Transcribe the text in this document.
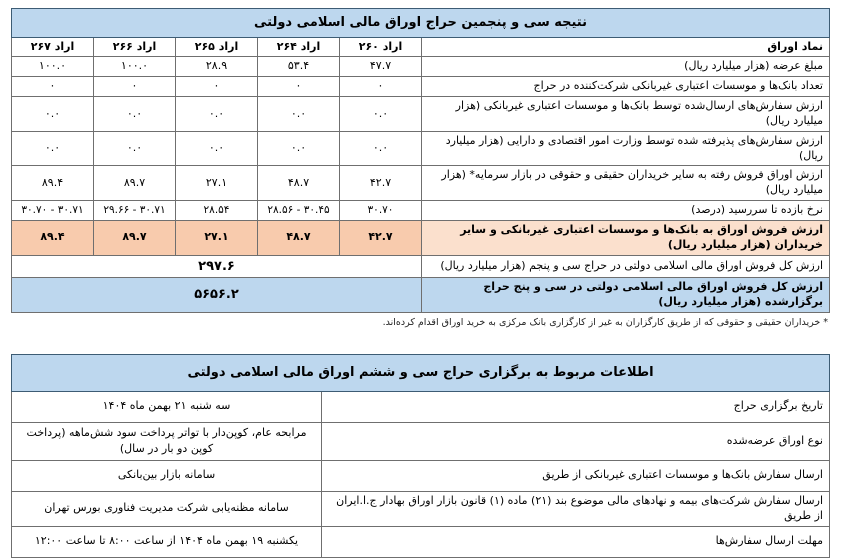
نتیجه سی و پنجمین حراج اوراق مالی اسلامی دولتی					
نماد اوراق	اراد ۲۶۰	اراد ۲۶۴	اراد ۲۶۵	اراد ۲۶۶	اراد ۲۶۷
مبلغ عرضه (هزار میلیارد ریال)	۴۷.۷	۵۳.۴	۲۸.۹	۱۰۰.۰	۱۰۰.۰
تعداد بانک‌ها و موسسات اعتباری غیربانکی شرکت‌کننده در حراج	۰	۰	۰	۰	۰
ارزش سفارش‌های ارسال‌شده توسط بانک‌ها و موسسات اعتباری غیربانکی (هزار میلیارد ریال)	۰.۰	۰.۰	۰.۰	۰.۰	۰.۰
ارزش سفارش‌های پذیرفته شده توسط وزارت امور اقتصادی و دارایی (هزار میلیارد ریال)	۰.۰	۰.۰	۰.۰	۰.۰	۰.۰
ارزش اوراق فروش رفته به سایر خریداران حقیقی و حقوقی در بازار سرمایه* (هزار میلیارد ریال)	۴۲.۷	۴۸.۷	۲۷.۱	۸۹.۷	۸۹.۴
نرخ بازده تا سررسید (درصد)	۳۰.۷۰	۲۸.۵۶ - ۳۰.۴۵	۲۸.۵۴	۲۹.۶۶ - ۳۰.۷۱	۳۰.۷۰ - ۳۰.۷۱
ارزش فروش اوراق به بانک‌ها و موسسات اعتباری غیربانکی و سایر خریداران (هزار میلیارد ریال)	۴۲.۷	۴۸.۷	۲۷.۱	۸۹.۷	۸۹.۴
ارزش کل فروش اوراق مالی اسلامی دولتی در حراج سی و پنجم (هزار میلیارد ریال)	۲۹۷.۶				
ارزش کل فروش اوراق مالی اسلامی دولتی در سی و پنج حراج برگزارشده (هزار میلیارد ریال)	۵۶۵۶.۲				
* خریداران حقیقی و حقوقی که از طریق کارگزاران به غیر از کارگزاری بانک مرکزی به خرید اوراق اقدام کرده‌اند.
اطلاعات مربوط به برگزاری حراج سی و ششم اوراق مالی اسلامی دولتی	
تاریخ برگزاری حراج	سه شنبه ۲۱ بهمن ماه ۱۴۰۴
نوع اوراق عرضه‌شده	مرابحه عام، کوپن‌دار با تواتر پرداخت سود شش‌ماهه (پرداخت کوپن دو بار در سال)
ارسال سفارش بانک‌ها و موسسات اعتباری غیربانکی از طریق	سامانه بازار بین‌بانکی
ارسال سفارش شرکت‌های بیمه و نهادهای مالی موضوع بند (۲۱) ماده (۱) قانون بازار اوراق بهادار ج.ا.ایران از طریق	سامانه مظنه‌یابی شرکت مدیریت فناوری بورس تهران
مهلت ارسال سفارش‌ها	یکشنبه ۱۹ بهمن ماه ۱۴۰۴ از ساعت ۸:۰۰ تا ساعت ۱۲:۰۰
